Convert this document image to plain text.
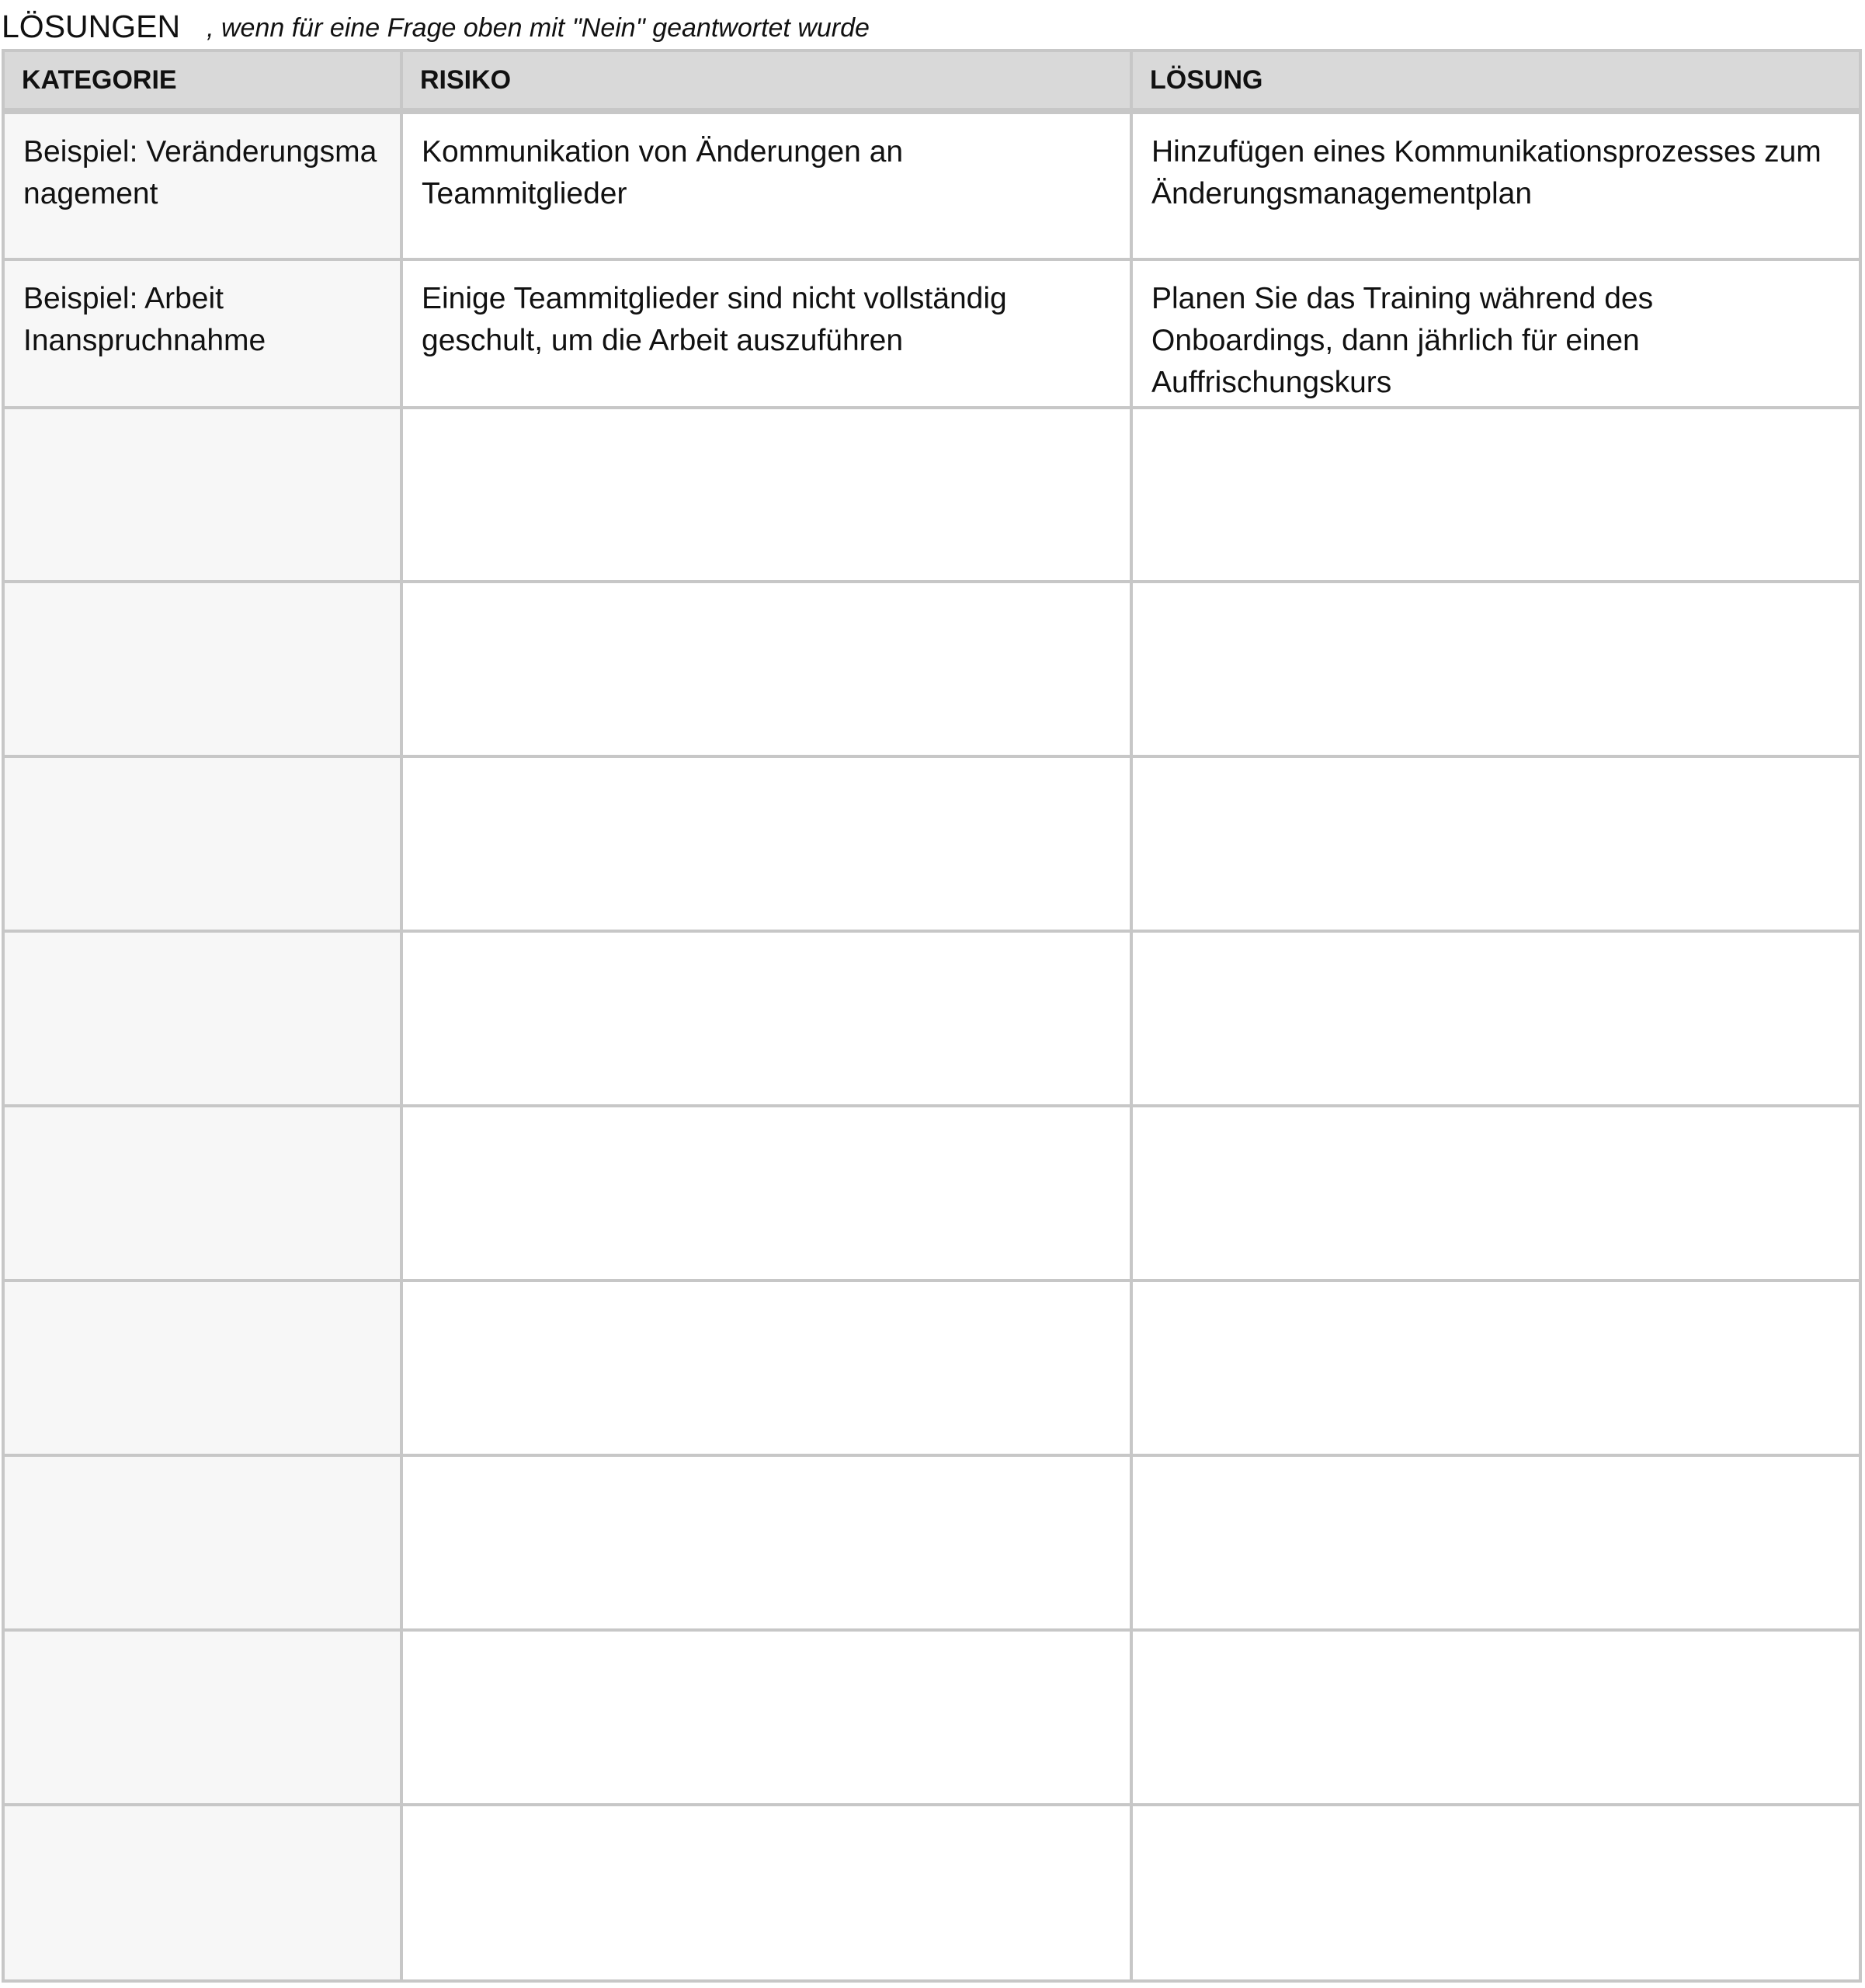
LÖSUNGEN , wenn für eine Frage oben mit "Nein" geantwortet wurde
KATEGORIE	RISIKO	LÖSUNG
Beispiel: Veränderungsmanagement	Kommunikation von Änderungen an Teammitglieder	Hinzufügen eines Kommunikationsprozesses zum Änderungsmanagementplan
Beispiel: Arbeit Inanspruchnahme	Einige Teammitglieder sind nicht vollständig geschult, um die Arbeit auszuführen	Planen Sie das Training während des Onboardings, dann jährlich für einen Auffrischungskurs
